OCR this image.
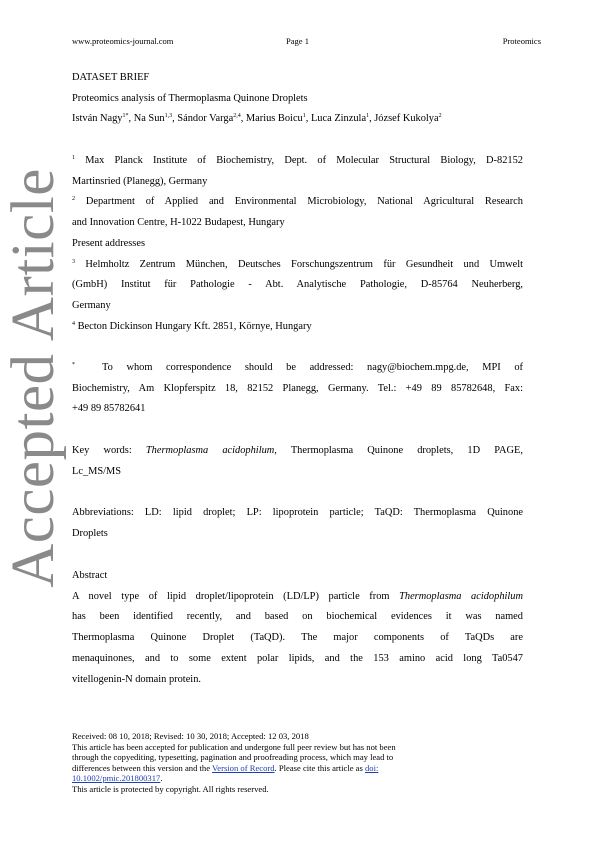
www.proteomics-journal.com	Page 1	Proteomics
Accepted Article

DATASET BRIEF

Proteomics analysis of Thermoplasma Quinone Droplets

István Nagy$^{1*}$, Na Sun$^{1,3}$, Sándor Varga$^{2,4}$, Marius Boicu$^1$, Luca Zinzula$^1$, József Kukolya$^2$

$^1$ Max Planck Institute of Biochemistry, Dept. of Molecular Structural Biology, D-82152

Martinsried (Planegg), Germany

$^2$ Department of Applied and Environmental Microbiology, National Agricultural Research

and Innovation Centre, H-1022 Budapest, Hungary

Present addresses

$^3$ Helmholtz Zentrum München, Deutsches Forschungszentrum für Gesundheit und Umwelt

(GmbH) Institut für Pathologie - Abt. Analytische Pathologie, D-85764 Neuherberg,

Germany

$^4$ Becton Dickinson Hungary Kft. 2851, Környe, Hungary

*	To whom correspondence should be addressed: nagy@biochem.mpg.de, MPI of

Biochemistry, Am Klopferspitz 18, 82152 Planegg, Germany. Tel.: +49 89 85782648, Fax:

+49 89 85782641

Key words: Thermoplasma acidophilum, Thermoplasma Quinone droplets, 1D PAGE,

Lc_MS/MS

Abbreviations: LD: lipid droplet; LP: lipoprotein particle; TaQD: Thermoplasma Quinone

Droplets

Abstract

A novel type of lipid droplet/lipoprotein (LD/LP) particle from Thermoplasma acidophilum

has been identified recently, and based on biochemical evidences it was named

Thermoplasma Quinone Droplet (TaQD). The major components of TaQDs are

menaquinones, and to some extent polar lipids, and the 153 amino acid long Ta0547

vitellogenin-N domain protein.

Received: 08 10, 2018; Revised: 10 30, 2018; Accepted: 12 03, 2018
This article has been accepted for publication and undergone full peer review but has not been
through the copyediting, typesetting, pagination and proofreading process, which may lead to
differences between this version and the Version of Record. Please cite this article as doi:
10.1002/pmic.201800317.
This article is protected by copyright. All rights reserved.
